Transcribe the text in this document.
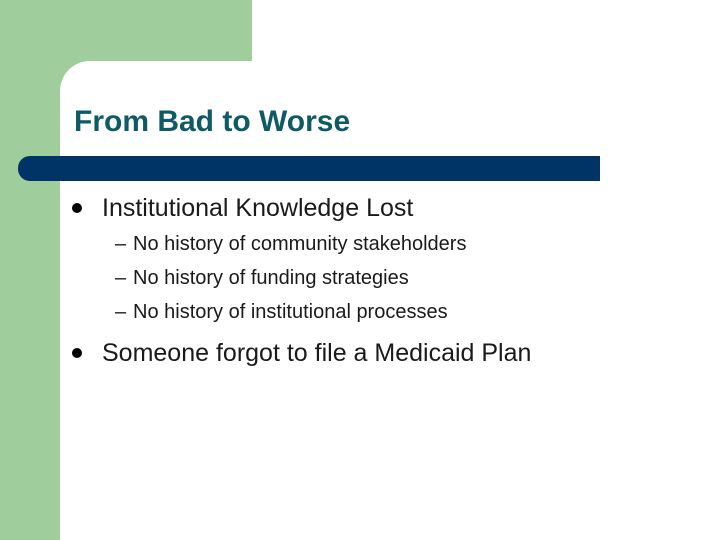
From Bad to Worse
Institutional Knowledge Lost
– No history of community stakeholders
– No history of funding strategies
– No history of institutional processes
Someone forgot to file a Medicaid Plan
